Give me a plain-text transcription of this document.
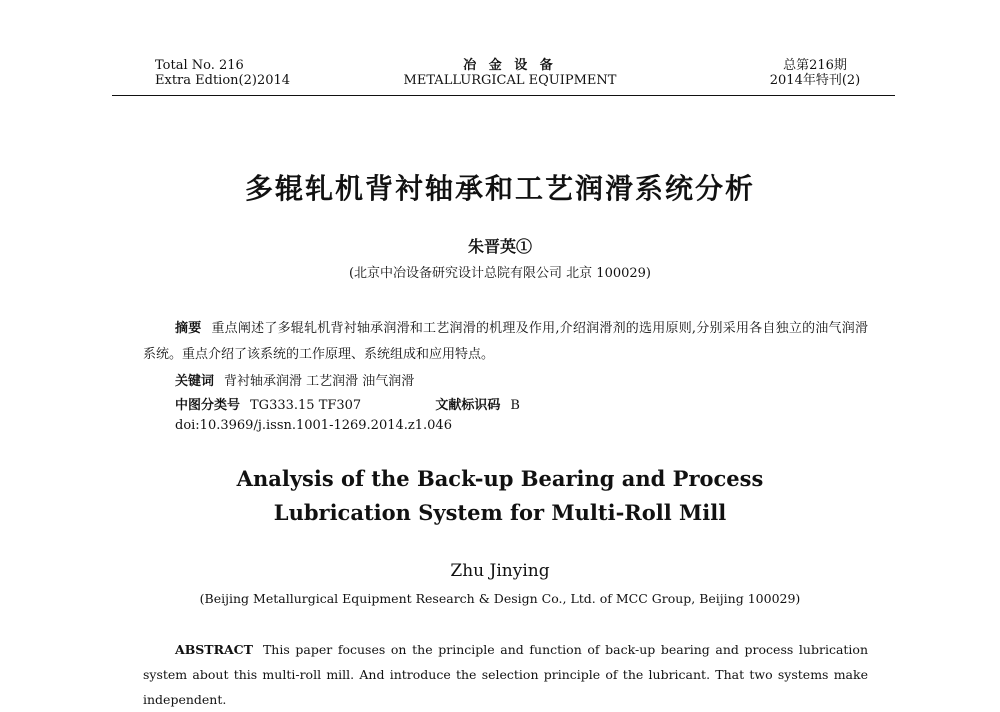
Total No. 216
Extra Edtion(2)2014
冶 金 设 备
METALLURGICAL EQUIPMENT
总第216期
2014年特刊(2)
多辊轧机背衬轴承和工艺润滑系统分析
朱晋英①
(北京中冶设备研究设计总院有限公司 北京 100029)
摘要 重点阐述了多辊轧机背衬轴承润滑和工艺润滑的机理及作用,介绍润滑剂的选用原则,分别采用各自独立的油气润滑系统。重点介绍了该系统的工作原理、系统组成和应用特点。
关键词 背衬轴承润滑 工艺润滑 油气润滑
中图分类号 TG333.15 TF307	文献标识码 B
doi:10.3969/j.issn.1001-1269.2014.z1.046
Analysis of the Back-up Bearing and Process
Lubrication System for Multi-Roll Mill
Zhu Jinying
(Beijing Metallurgical Equipment Research & Design Co., Ltd. of MCC Group, Beijing 100029)
ABSTRACT This paper focuses on the principle and function of back-up bearing and process lubrication system about this multi-roll mill. And introduce the selection principle of the lubricant. That two systems make independent.
